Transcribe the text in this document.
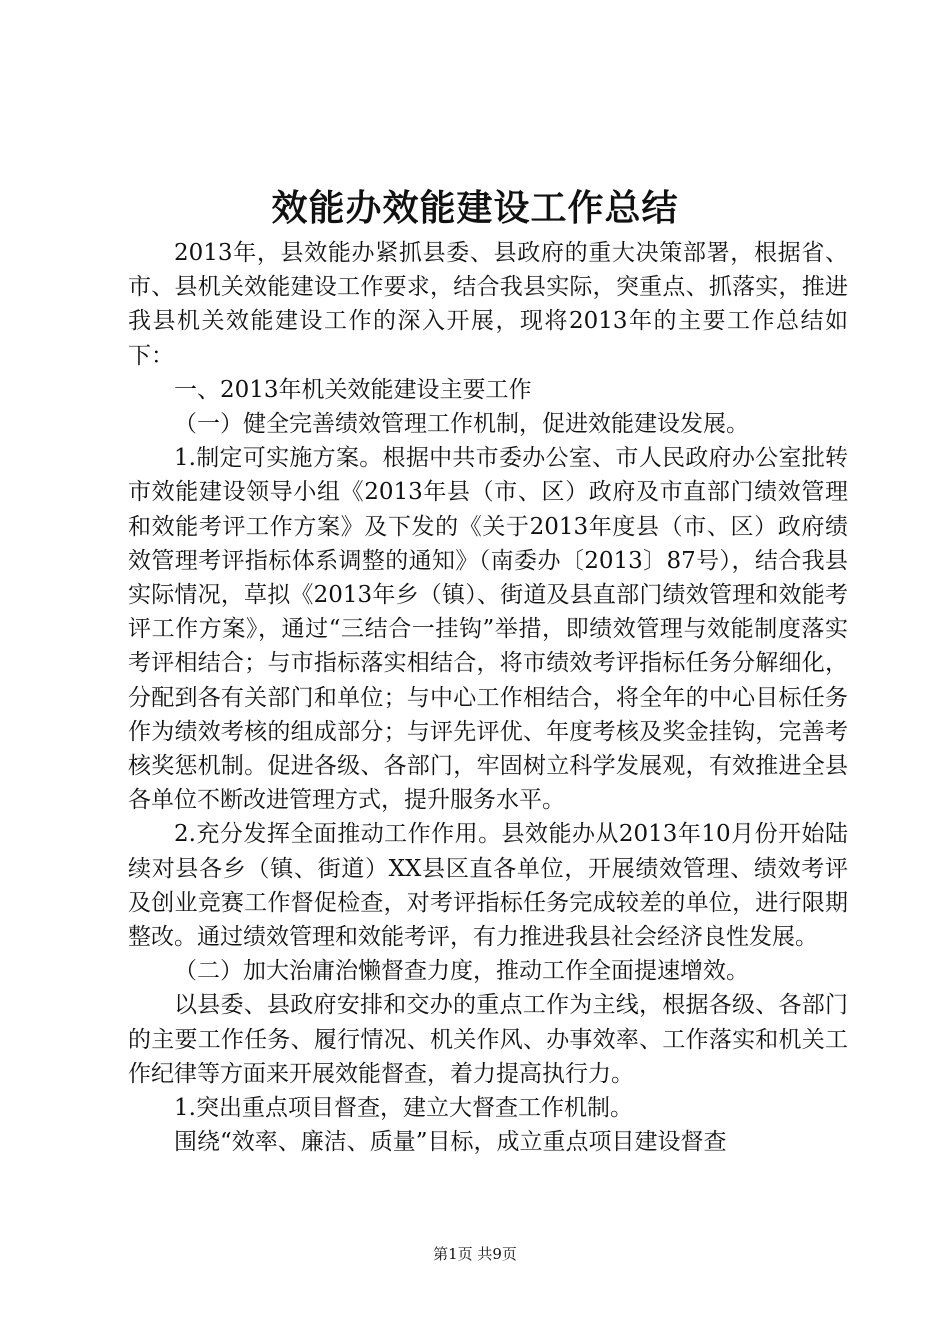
效能办效能建设工作总结

2013年，县效能办紧抓县委、县政府的重大决策部署，根据省、市、县机关效能建设工作要求，结合我县实际，突重点、抓落实，推进我县机关效能建设工作的深入开展，现将2013年的主要工作总结如下：

一、2013年机关效能建设主要工作

（一）健全完善绩效管理工作机制，促进效能建设发展。

1.制定可实施方案。根据中共市委办公室、市人民政府办公室批转市效能建设领导小组《2013年县（市、区）政府及市直部门绩效管理和效能考评工作方案》及下发的《关于2013年度县（市、区）政府绩效管理考评指标体系调整的通知》（南委办〔2013〕87号），结合我县实际情况，草拟《2013年乡（镇）、街道及县直部门绩效管理和效能考评工作方案》，通过“三结合一挂钩”举措，即绩效管理与效能制度落实考评相结合；与市指标落实相结合，将市绩效考评指标任务分解细化，分配到各有关部门和单位；与中心工作相结合，将全年的中心目标任务作为绩效考核的组成部分；与评先评优、年度考核及奖金挂钩，完善考核奖惩机制。促进各级、各部门，牢固树立科学发展观，有效推进全县各单位不断改进管理方式，提升服务水平。

2.充分发挥全面推动工作作用。县效能办从2013年10月份开始陆续对县各乡（镇、街道）XX县区直各单位，开展绩效管理、绩效考评及创业竞赛工作督促检查，对考评指标任务完成较差的单位，进行限期整改。通过绩效管理和效能考评，有力推进我县社会经济良性发展。

（二）加大治庸治懒督查力度，推动工作全面提速增效。

以县委、县政府安排和交办的重点工作为主线，根据各级、各部门的主要工作任务、履行情况、机关作风、办事效率、工作落实和机关工作纪律等方面来开展效能督查，着力提高执行力。

1.突出重点项目督查，建立大督查工作机制。

围绕“效率、廉洁、质量”目标，成立重点项目建设督查

第1页 共9页
